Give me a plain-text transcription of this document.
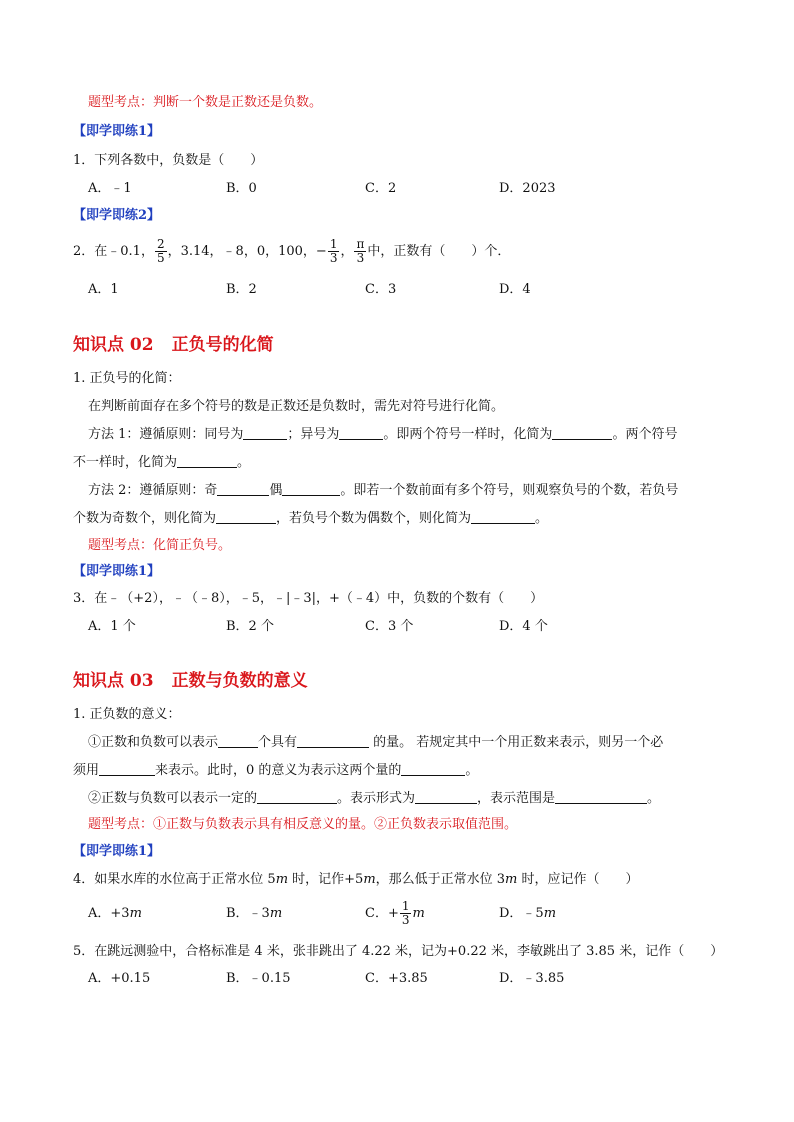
题型考点：判断一个数是正数还是负数。
【即学即练1】
1．下列各数中，负数是（　　）
A．﹣1	B．0	C．2	D．2023
【即学即练2】
2．在﹣0.1， $\frac{2}{5}$ ，3.14，﹣8，0，100，− $\frac{1}{3}$ ， $\frac{\pi}{3}$ 中，正数有（　　）个．
A．1	B．2	C．3	D．4
知识点 02 正负号的化简
1. 正负号的化简：
在判断前面存在多个符号的数是正数还是负数时，需先对符号进行化简。
方法 1：遵循原则：同号为	；异号为	。即两个符号一样时，化简为	。两个符号
不一样时，化简为	。
方法 2：遵循原则：奇	偶	。即若一个数前面有多个符号，则观察负号的个数，若负号
个数为奇数个，则化简为	，若负号个数为偶数个，则化简为	。
题型考点：化简正负号。
【即学即练1】
3．在﹣（+2），﹣（﹣8），﹣5，﹣|﹣3|，+（﹣4）中，负数的个数有（　　）
A．1 个	B．2 个	C．3 个	D．4 个
知识点 03 正数与负数的意义
1. 正负数的意义：
①正数和负数可以表示	个具有	的量。 若规定其中一个用正数来表示，则另一个必
须用	来表示。此时，0 的意义为表示这两个量的	。
②正数与负数可以表示一定的	。表示形式为	，表示范围是	。
题型考点：①正数与负数表示具有相反意义的量。②正负数表示取值范围。
【即学即练1】
4．如果水库的水位高于正常水位 5m 时，记作+5m，那么低于正常水位 3m 时，应记作（　　）
A．+3m	B．﹣3m	C．+ $\frac{1}{3}$ m	D．﹣5m
5．在跳远测验中，合格标准是 4 米，张非跳出了 4.22 米，记为+0.22 米，李敏跳出了 3.85 米，记作（　　）
A．+0.15	B．﹣0.15	C．+3.85	D．﹣3.85
